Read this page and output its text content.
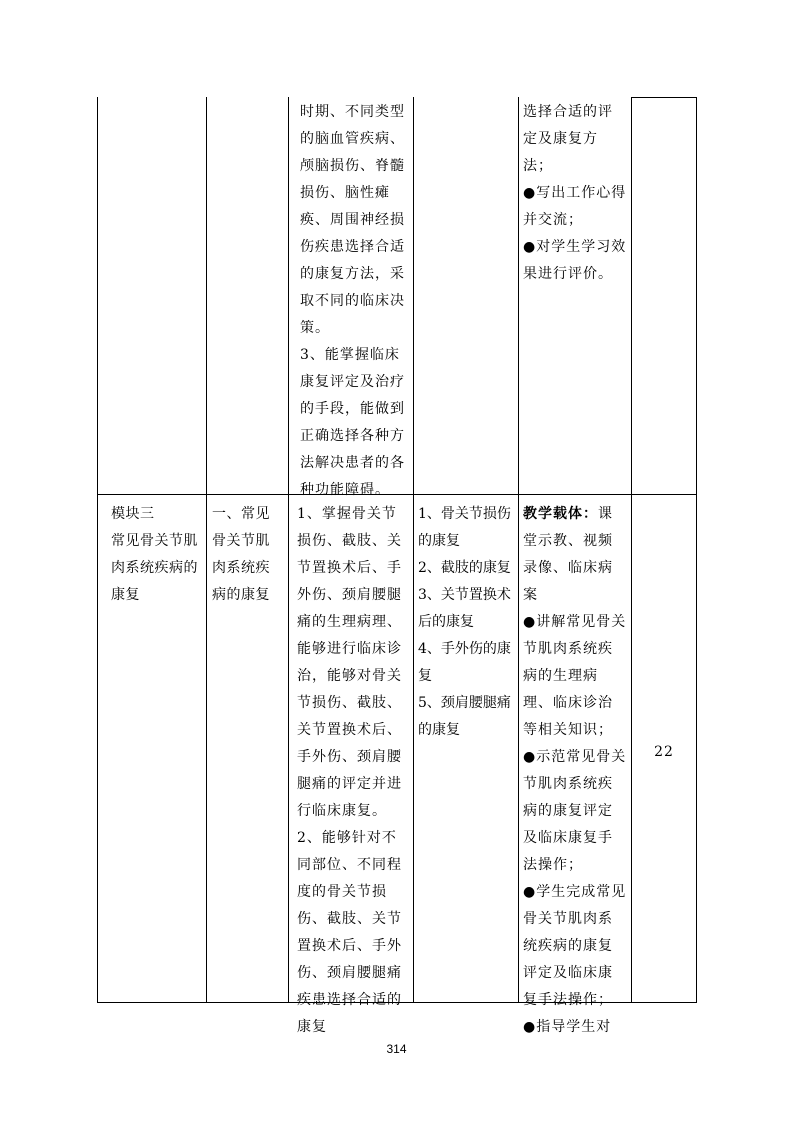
时期、不同类型的脑血管疾病、颅脑损伤、脊髓损伤、脑性瘫痪、周围神经损伤疾患选择合适的康复方法，采取不同的临床决策。

3、能掌握临床康复评定及治疗的手段，能做到正确选择各种方法解决患者的各种功能障碍。

选择合适的评定及康复方法；

●写出工作心得并交流；

●对学生学习效果进行评价。

模块三

常见骨关节肌肉系统疾病的康复

一、常见骨关节肌肉系统疾病的康复

1、掌握骨关节损伤、截肢、关节置换术后、手外伤、颈肩腰腿痛的生理病理、能够进行临床诊治，能够对骨关节损伤、截肢、关节置换术后、手外伤、颈肩腰腿痛的评定并进行临床康复。

2、能够针对不同部位、不同程度的骨关节损伤、截肢、关节置换术后、手外伤、颈肩腰腿痛疾患选择合适的康复

1、骨关节损伤的康复

2、截肢的康复

3、关节置换术后的康复

4、手外伤的康复

5、颈肩腰腿痛的康复

教学载体：课堂示教、视频录像、临床病案

●讲解常见骨关节肌肉系统疾病的生理病理、临床诊治等相关知识；

●示范常见骨关节肌肉系统疾病的康复评定及临床康复手法操作；

●学生完成常见骨关节肌肉系统疾病的康复评定及临床康复手法操作；

●指导学生对

22

314
